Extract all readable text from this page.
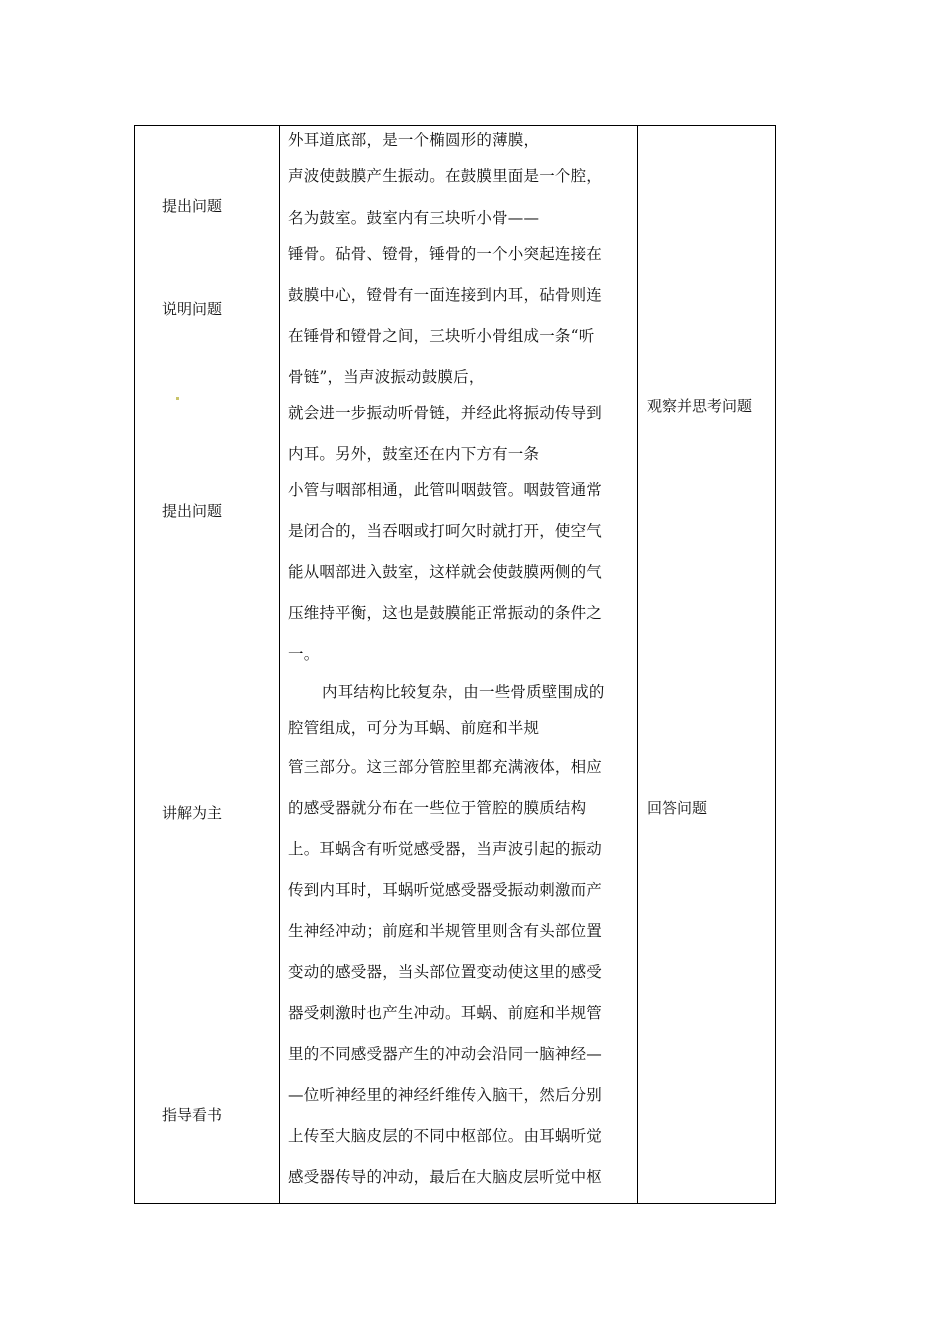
提出问题
说明问题
提出问题
讲解为主
指导看书
外耳道底部，是一个椭圆形的薄膜，
声波使鼓膜产生振动。在鼓膜里面是一个腔，
名为鼓室。鼓室内有三块听小骨——
锤骨。砧骨、镫骨，锤骨的一个小突起连接在
鼓膜中心，镫骨有一面连接到内耳，砧骨则连
在锤骨和镫骨之间，三块听小骨组成一条“听
骨链”，当声波振动鼓膜后，
就会进一步振动听骨链，并经此将振动传导到
内耳。另外，鼓室还在内下方有一条
小管与咽部相通，此管叫咽鼓管。咽鼓管通常
是闭合的，当吞咽或打呵欠时就打开，使空气
能从咽部进入鼓室，这样就会使鼓膜两侧的气
压维持平衡，这也是鼓膜能正常振动的条件之
一。
内耳结构比较复杂，由一些骨质壁围成的
腔管组成，可分为耳蜗、前庭和半规
管三部分。这三部分管腔里都充满液体，相应
的感受器就分布在一些位于管腔的膜质结构
上。耳蜗含有听觉感受器，当声波引起的振动
传到内耳时，耳蜗听觉感受器受振动刺激而产
生神经冲动；前庭和半规管里则含有头部位置
变动的感受器，当头部位置变动使这里的感受
器受刺激时也产生冲动。耳蜗、前庭和半规管
里的不同感受器产生的冲动会沿同一脑神经—
—位听神经里的神经纤维传入脑干，然后分别
上传至大脑皮层的不同中枢部位。由耳蜗听觉
感受器传导的冲动，最后在大脑皮层听觉中枢
观察并思考问题
回答问题
